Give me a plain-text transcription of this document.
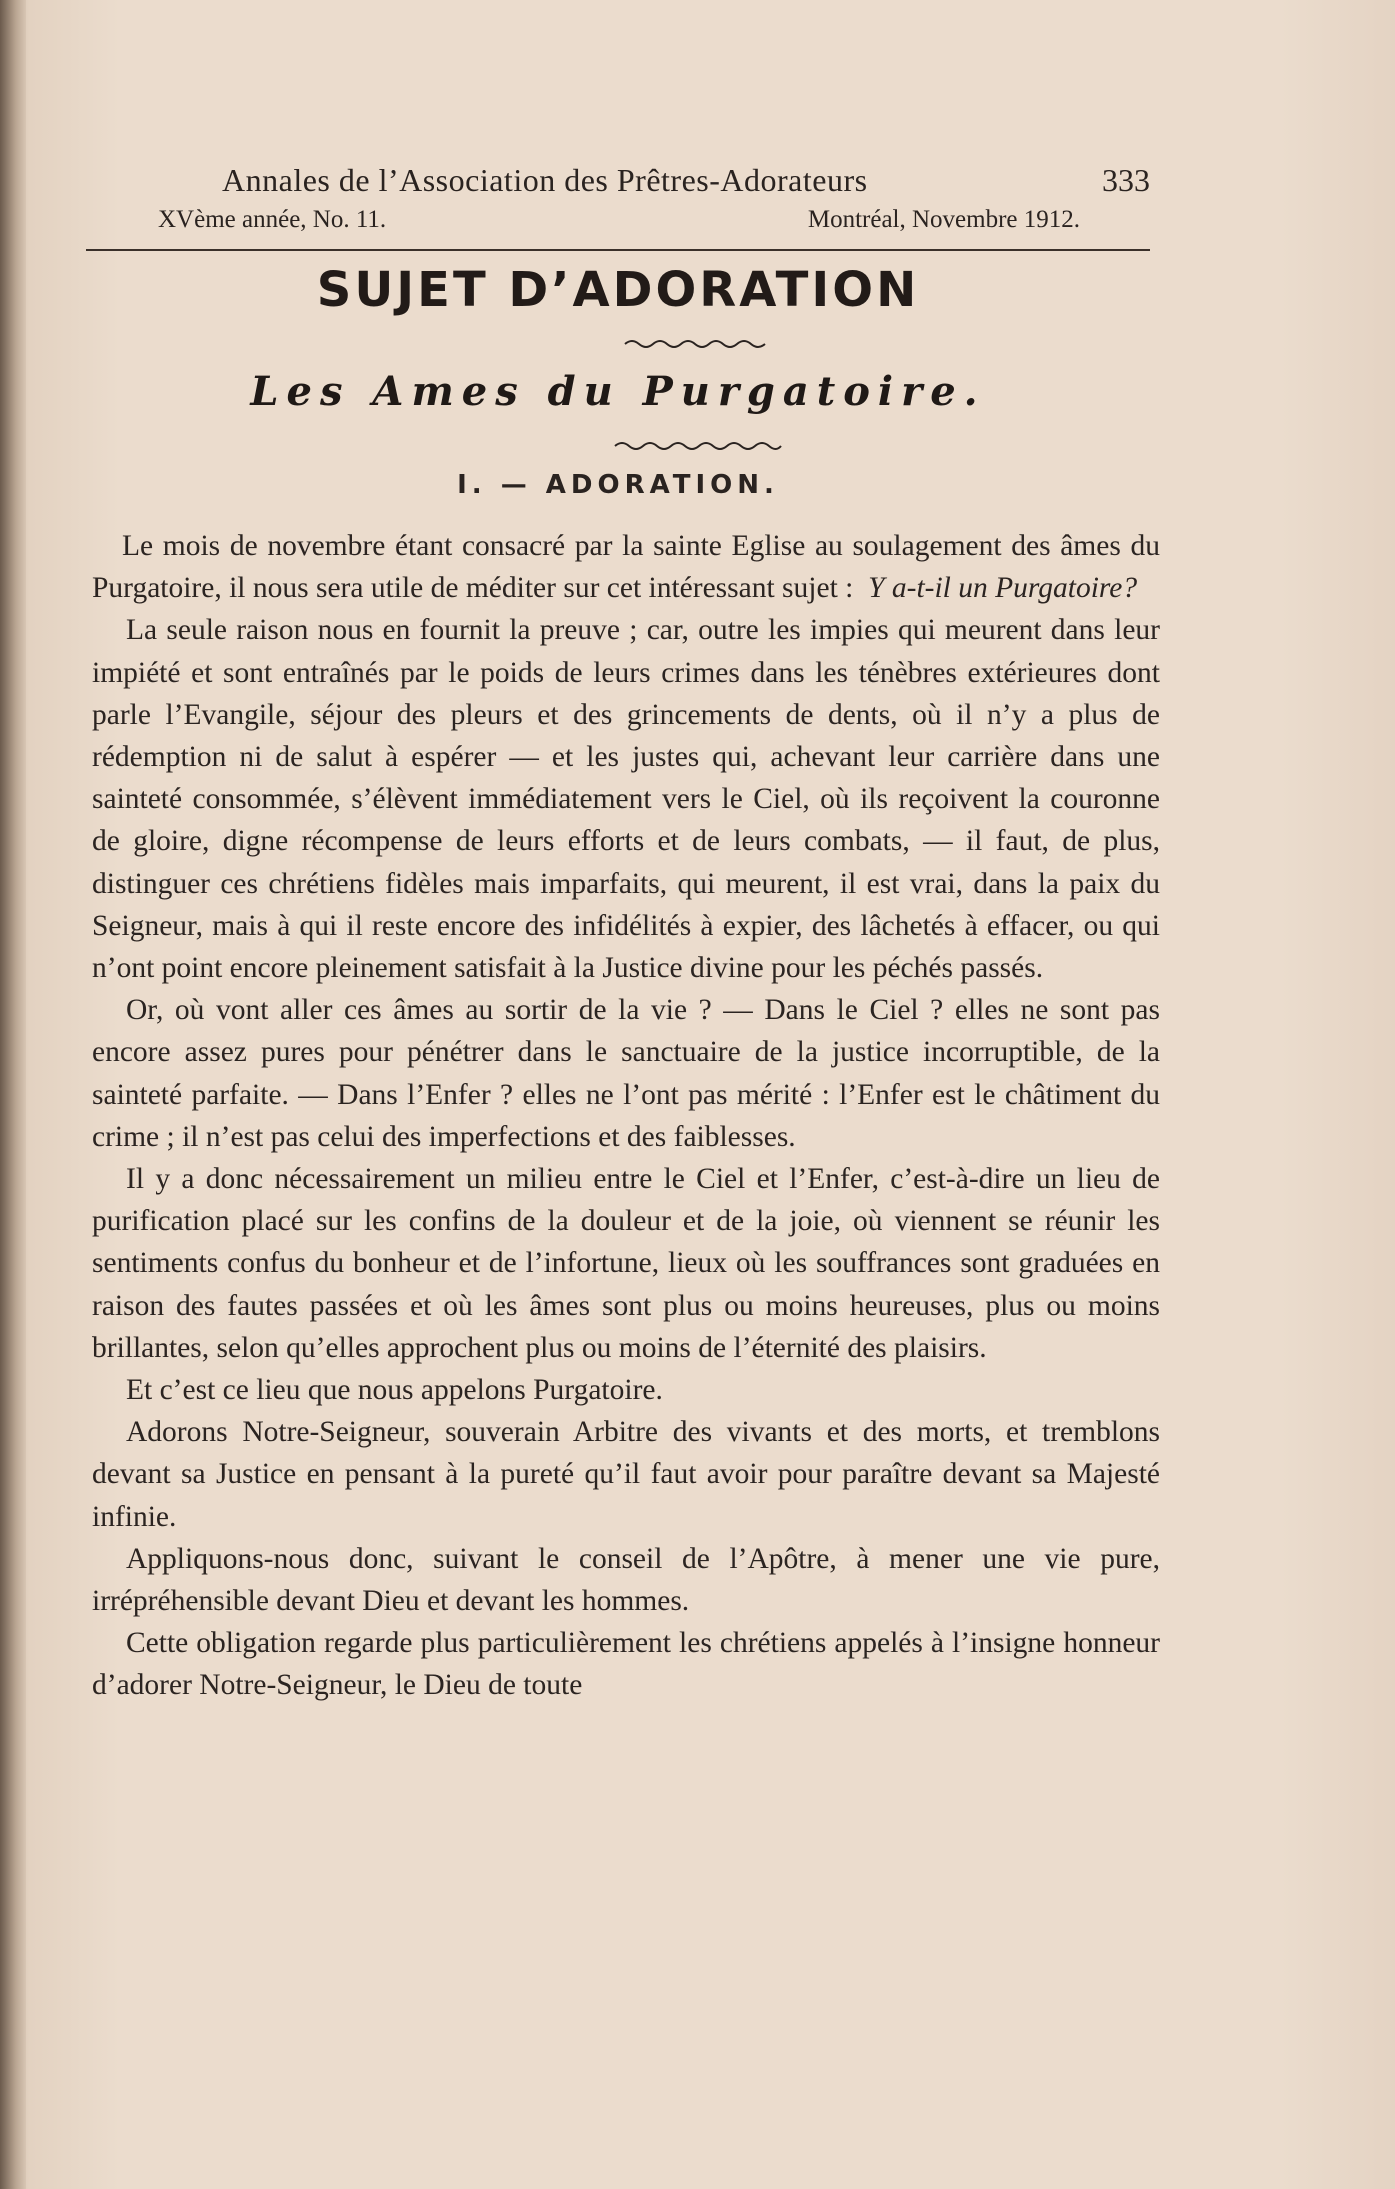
Annales de l’Association des Prêtres-Adorateurs	333
XVème année, No. 11.	Montréal, Novembre 1912.
SUJET D’ADORATION
Les Ames du Purgatoire.
I. — ADORATION.

Le mois de novembre étant consacré par la sainte Eglise au soulagement des âmes du Purgatoire, il nous sera utile de méditer sur cet intéressant sujet : Y a-t-il un Purgatoire?

La seule raison nous en fournit la preuve ; car, outre les impies qui meurent dans leur impiété et sont entraînés par le poids de leurs crimes dans les ténèbres extérieures dont parle l’Evangile, séjour des pleurs et des grincements de dents, où il n’y a plus de rédemption ni de salut à espérer — et les justes qui, achevant leur carrière dans une sainteté consommée, s’élèvent immédiatement vers le Ciel, où ils reçoivent la couronne de gloire, digne récompense de leurs efforts et de leurs combats, — il faut, de plus, distinguer ces chrétiens fidèles mais imparfaits, qui meurent, il est vrai, dans la paix du Seigneur, mais à qui il reste encore des infidélités à expier, des lâchetés à effacer, ou qui n’ont point encore pleinement satisfait à la Justice divine pour les péchés passés.

Or, où vont aller ces âmes au sortir de la vie ? — Dans le Ciel ? elles ne sont pas encore assez pures pour pénétrer dans le sanctuaire de la justice incorruptible, de la sainteté parfaite. — Dans l’Enfer ? elles ne l’ont pas mérité : l’Enfer est le châtiment du crime ; il n’est pas celui des imperfections et des faiblesses.

Il y a donc nécessairement un milieu entre le Ciel et l’Enfer, c’est-à-dire un lieu de purification placé sur les confins de la douleur et de la joie, où viennent se réunir les sentiments confus du bonheur et de l’infortune, lieux où les souffrances sont graduées en raison des fautes passées et où les âmes sont plus ou moins heureuses, plus ou moins brillantes, selon qu’elles approchent plus ou moins de l’éternité des plaisirs.

Et c’est ce lieu que nous appelons Purgatoire.

Adorons Notre-Seigneur, souverain Arbitre des vivants et des morts, et tremblons devant sa Justice en pensant à la pureté qu’il faut avoir pour paraître devant sa Majesté infinie.

Appliquons-nous donc, suivant le conseil de l’Apôtre, à mener une vie pure, irrépréhensible devant Dieu et devant les hommes.

Cette obligation regarde plus particulièrement les chrétiens appelés à l’insigne honneur d’adorer Notre-Seigneur, le Dieu de toute
